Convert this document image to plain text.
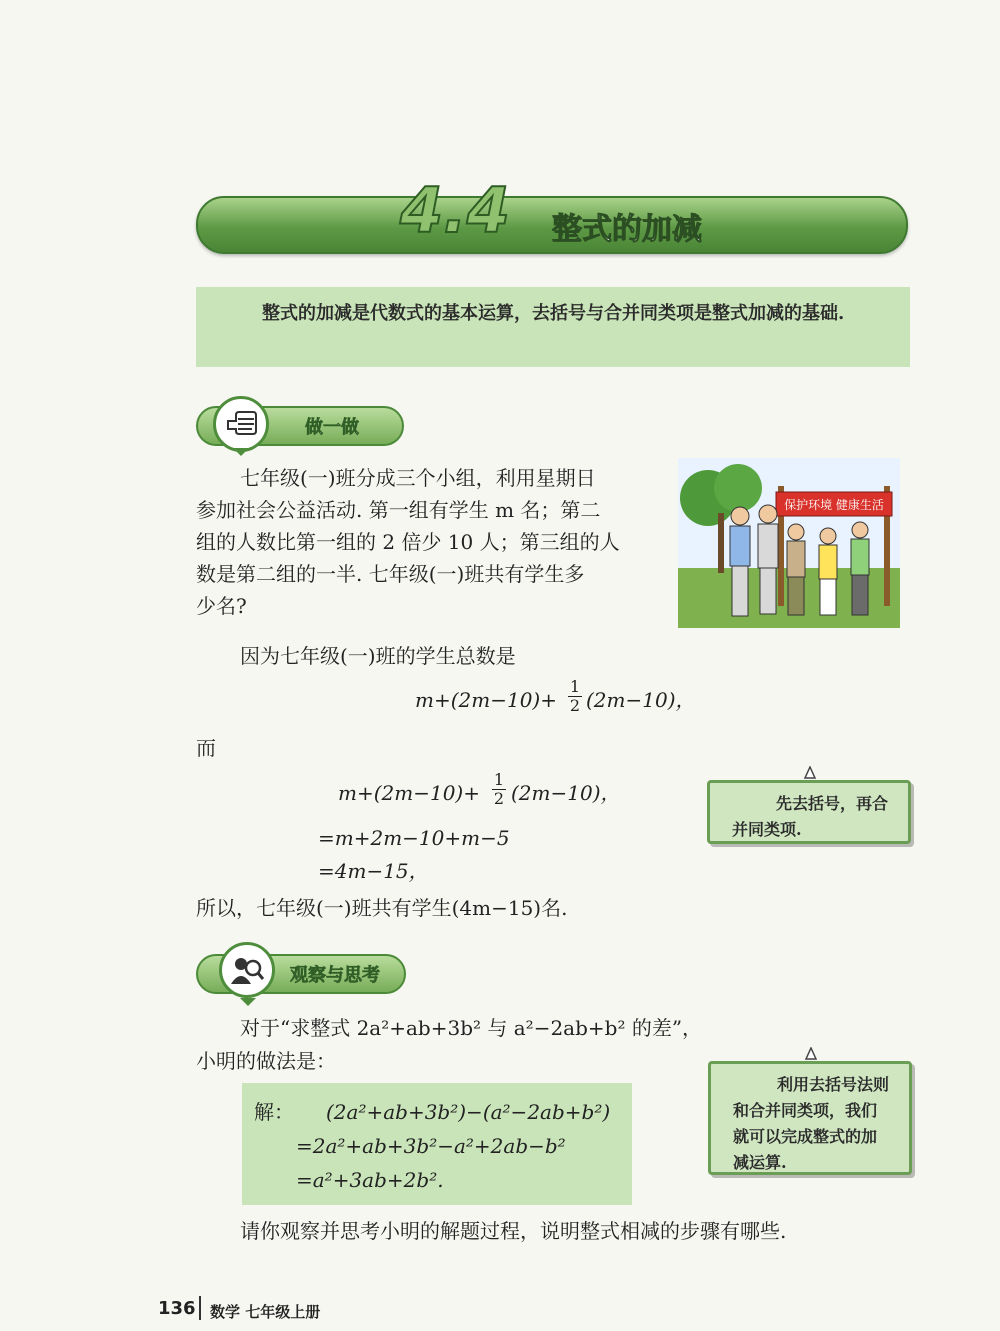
4.4 整式的加减
整式的加减是代数式的基本运算，去括号与合并同类项是整式加减的基础.
做一做
七年级(一)班分成三个小组，利用星期日
参加社会公益活动. 第一组有学生 m 名；第二
组的人数比第一组的 2 倍少 10 人；第三组的人
数是第二组的一半. 七年级(一)班共有学生多
少名?
保护环境 健康生活
因为七年级(一)班的学生总数是
$m+(2m-10)+ \frac{1}{2} (2m-10)$，
而
$m+(2m-10)+ \frac{1}{2} (2m-10)$，
=m+2m−10+m−5
=4m−15，
先去括号，再合并同类项.
所以，七年级(一)班共有学生(4m−15)名.
观察与思考
对于“求整式 2a²+ab+3b² 与 a²−2ab+b² 的差”，
小明的做法是：
解： (2a²+ab+3b²)−(a²−2ab+b²)
=2a²+ab+3b²−a²+2ab−b²
=a²+3ab+2b².
利用去括号法则和合并同类项，我们就可以完成整式的加减运算.
请你观察并思考小明的解题过程，说明整式相减的步骤有哪些.
136 数学 七年级上册
